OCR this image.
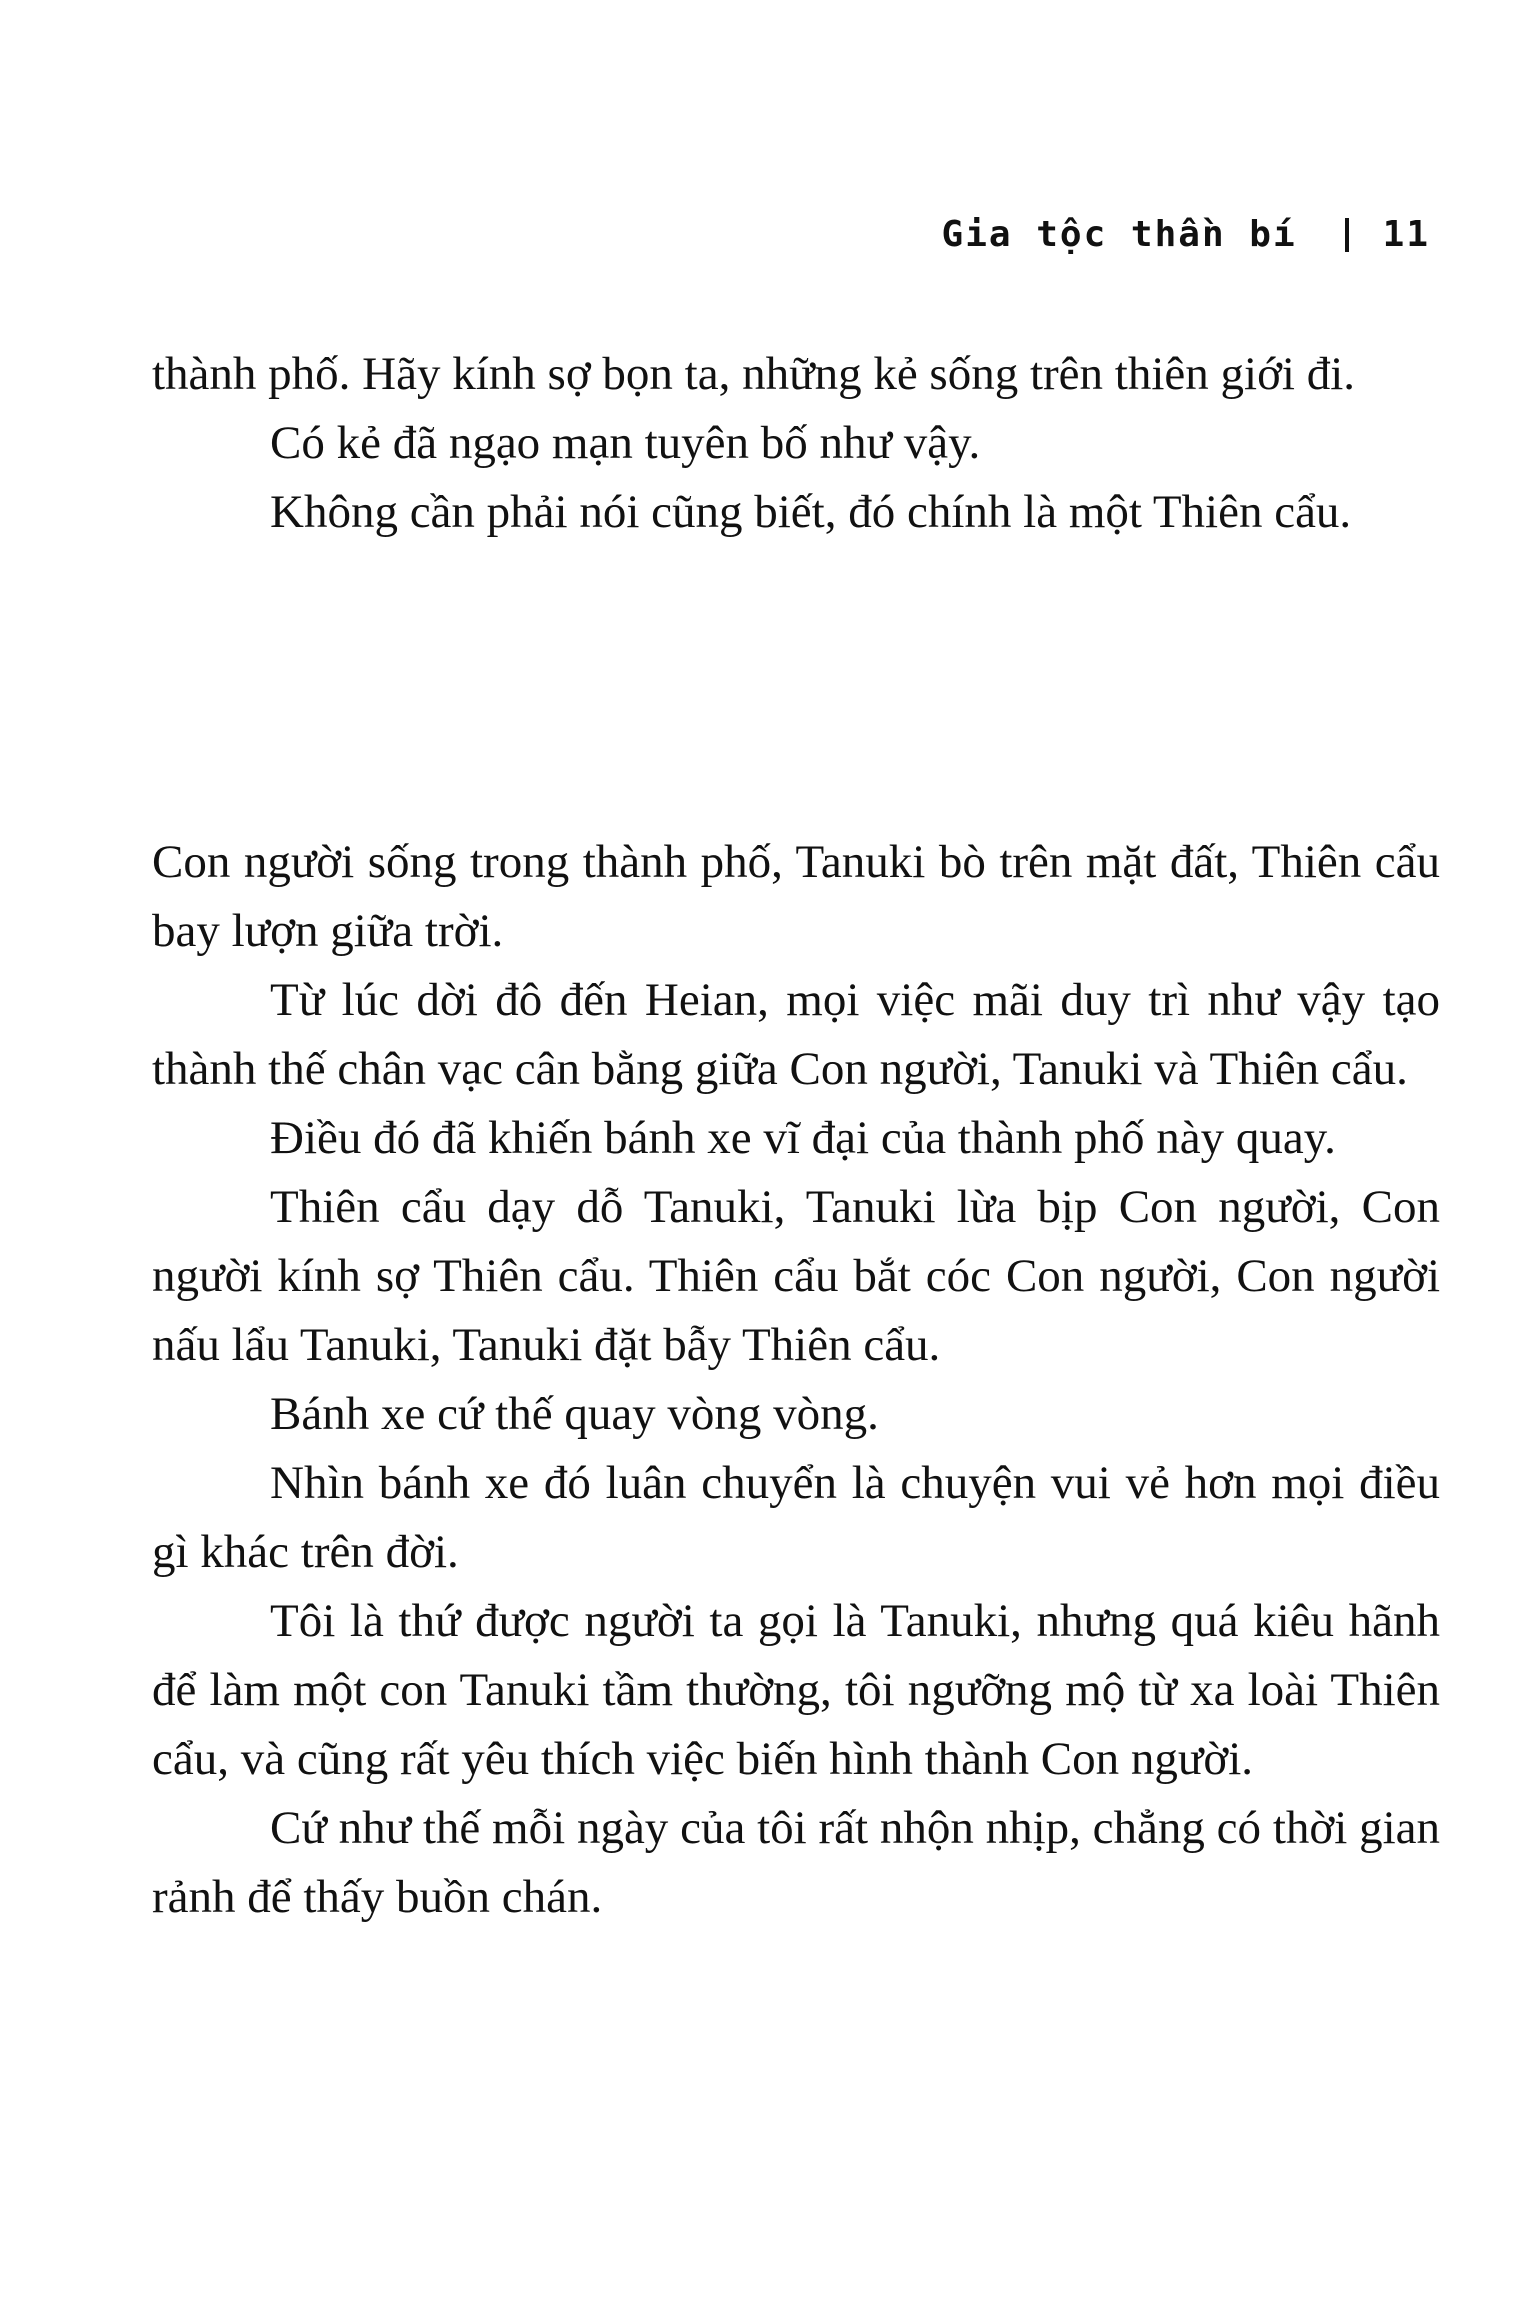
Gia tộc thần bí 11

thành phố. Hãy kính sợ bọn ta, những kẻ sống trên thiên giới đi.

Có kẻ đã ngạo mạn tuyên bố như vậy.

Không cần phải nói cũng biết, đó chính là một Thiên cẩu.

Con người sống trong thành phố, Tanuki bò trên mặt đất, Thiên cẩu bay lượn giữa trời.

Từ lúc dời đô đến Heian, mọi việc mãi duy trì như vậy tạo thành thế chân vạc cân bằng giữa Con người, Tanuki và Thiên cẩu.

Điều đó đã khiến bánh xe vĩ đại của thành phố này quay.

Thiên cẩu dạy dỗ Tanuki, Tanuki lừa bịp Con người, Con người kính sợ Thiên cẩu. Thiên cẩu bắt cóc Con người, Con người nấu lẩu Tanuki, Tanuki đặt bẫy Thiên cẩu.

Bánh xe cứ thế quay vòng vòng.

Nhìn bánh xe đó luân chuyển là chuyện vui vẻ hơn mọi điều gì khác trên đời.

Tôi là thứ được người ta gọi là Tanuki, nhưng quá kiêu hãnh để làm một con Tanuki tầm thường, tôi ngưỡng mộ từ xa loài Thiên cẩu, và cũng rất yêu thích việc biến hình thành Con người.

Cứ như thế mỗi ngày của tôi rất nhộn nhịp, chẳng có thời gian rảnh để thấy buồn chán.
